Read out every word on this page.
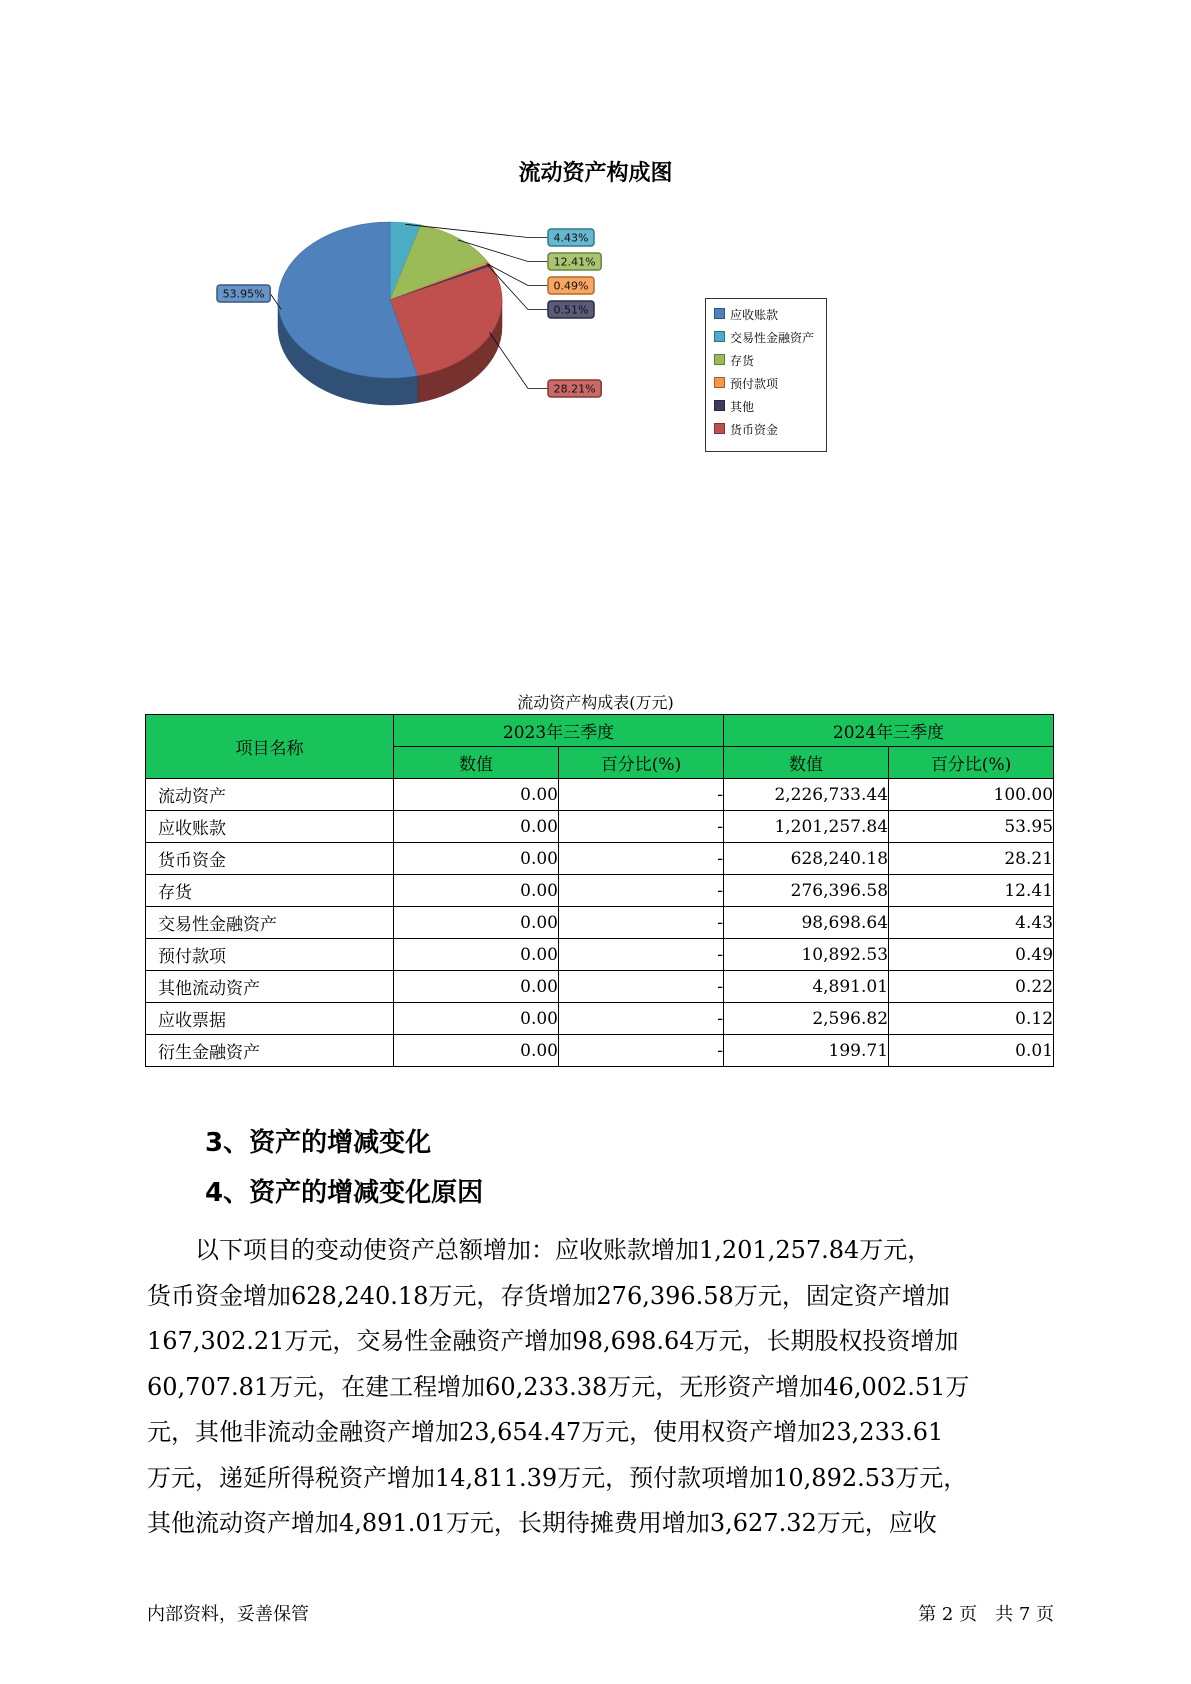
流动资产构成图
4.43%
12.41%
0.49%
0.51%
28.21%
53.95%
应收账款
交易性金融资产
存货
预付款项
其他
货币资金
流动资产构成表(万元)
项目名称	2023年三季度		2024年三季度	
	数值	百分比(%)	数值	百分比(%)
流动资产	0.00	-	2,226,733.44	100.00
应收账款	0.00	-	1,201,257.84	53.95
货币资金	0.00	-	628,240.18	28.21
存货	0.00	-	276,396.58	12.41
交易性金融资产	0.00	-	98,698.64	4.43
预付款项	0.00	-	10,892.53	0.49
其他流动资产	0.00	-	4,891.01	0.22
应收票据	0.00	-	2,596.82	0.12
衍生金融资产	0.00	-	199.71	0.01
3、资产的增减变化
4、资产的增减变化原因
　　以下项目的变动使资产总额增加：应收账款增加1,201,257.84万元，
货币资金增加628,240.18万元，存货增加276,396.58万元，固定资产增加
167,302.21万元，交易性金融资产增加98,698.64万元，长期股权投资增加
60,707.81万元，在建工程增加60,233.38万元，无形资产增加46,002.51万
元，其他非流动金融资产增加23,654.47万元，使用权资产增加23,233.61
万元，递延所得税资产增加14,811.39万元，预付款项增加10,892.53万元，
其他流动资产增加4,891.01万元，长期待摊费用增加3,627.32万元，应收
内部资料，妥善保管	第 2 页　共 7 页
